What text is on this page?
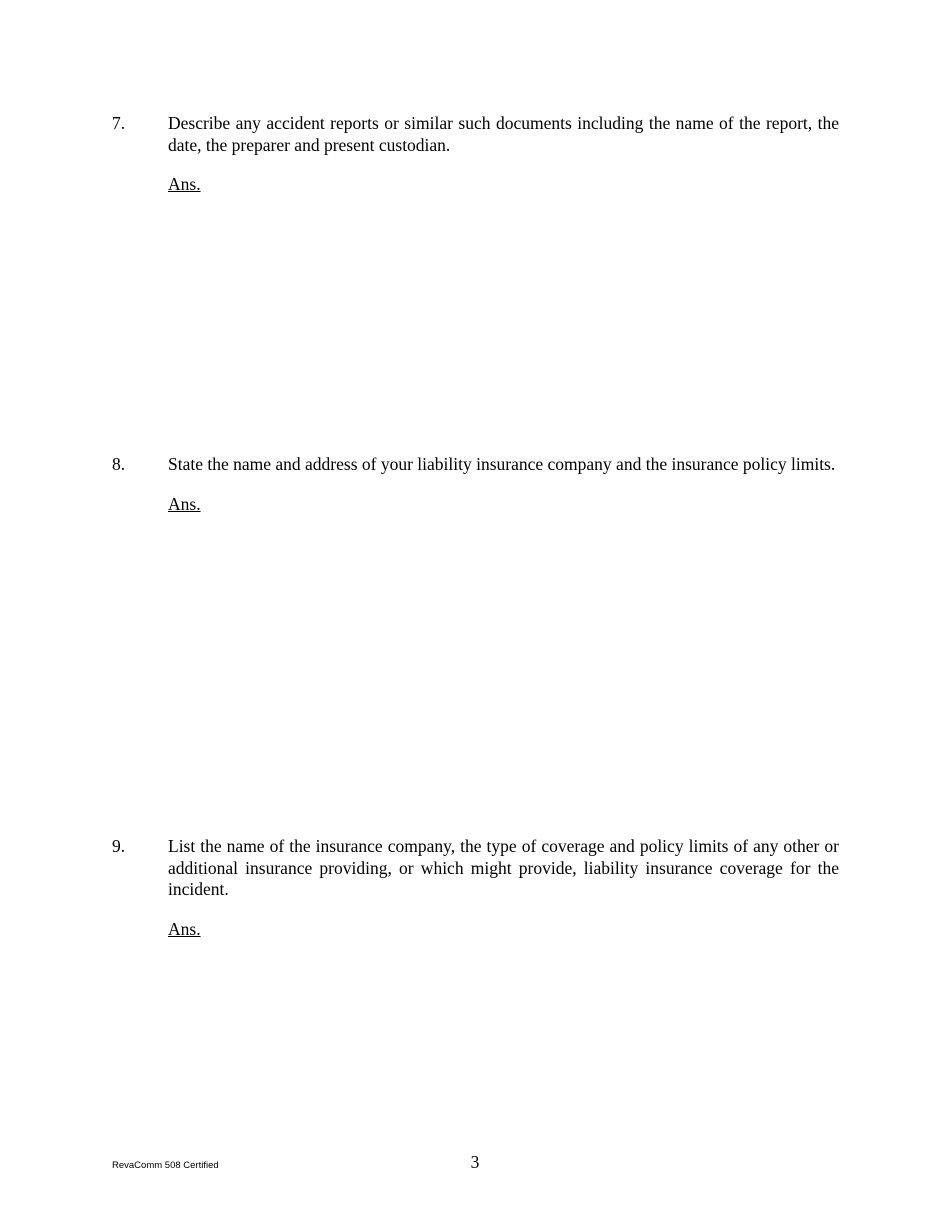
7. Describe any accident reports or similar such documents including the name of the report, the date, the preparer and present custodian.
Ans.
8. State the name and address of your liability insurance company and the insurance policy limits.
Ans.
9. List the name of the insurance company, the type of coverage and policy limits of any other or additional insurance providing, or which might provide, liability insurance coverage for the incident.
Ans.
RevaComm 508 Certified	3
